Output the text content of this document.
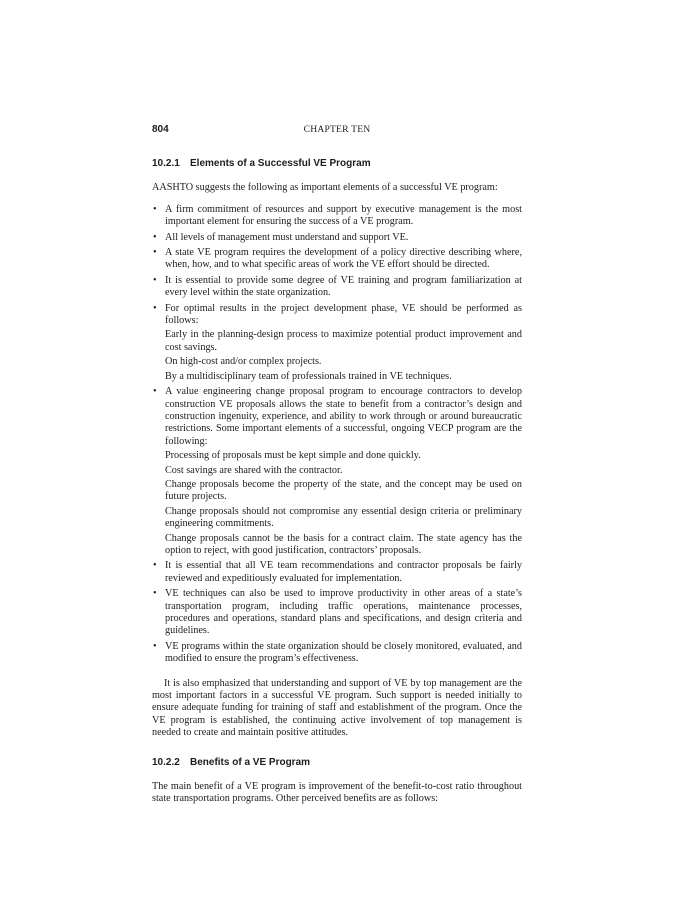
804	CHAPTER TEN
10.2.1 Elements of a Successful VE Program

AASHTO suggests the following as important elements of a successful VE program:

• A firm commitment of resources and support by executive management is the most important element for ensuring the success of a VE program.
• All levels of management must understand and support VE.
• A state VE program requires the development of a policy directive describing where, when, how, and to what specific areas of work the VE effort should be directed.
• It is essential to provide some degree of VE training and program familiarization at every level within the state organization.
• For optimal results in the project development phase, VE should be performed as follows:
Early in the planning-design process to maximize potential product improvement and cost savings.
On high-cost and/or complex projects.
By a multidisciplinary team of professionals trained in VE techniques.
• A value engineering change proposal program to encourage contractors to develop construction VE proposals allows the state to benefit from a contractor’s design and construction ingenuity, experience, and ability to work through or around bureaucratic restrictions. Some important elements of a successful, ongoing VECP program are the following:
Processing of proposals must be kept simple and done quickly.
Cost savings are shared with the contractor.
Change proposals become the property of the state, and the concept may be used on future projects.
Change proposals should not compromise any essential design criteria or preliminary engineering commitments.
Change proposals cannot be the basis for a contract claim. The state agency has the option to reject, with good justification, contractors’ proposals.
• It is essential that all VE team recommendations and contractor proposals be fairly reviewed and expeditiously evaluated for implementation.
• VE techniques can also be used to improve productivity in other areas of a state’s transportation program, including traffic operations, maintenance processes, procedures and operations, standard plans and specifications, and design criteria and guidelines.
• VE programs within the state organization should be closely monitored, evaluated, and modified to ensure the program’s effectiveness.

It is also emphasized that understanding and support of VE by top management are the most important factors in a successful VE program. Such support is needed initially to ensure adequate funding for training of staff and establishment of the program. Once the VE program is established, the continuing active involvement of top management is needed to create and maintain positive attitudes.

10.2.2 Benefits of a VE Program

The main benefit of a VE program is improvement of the benefit-to-cost ratio throughout state transportation programs. Other perceived benefits are as follows:
